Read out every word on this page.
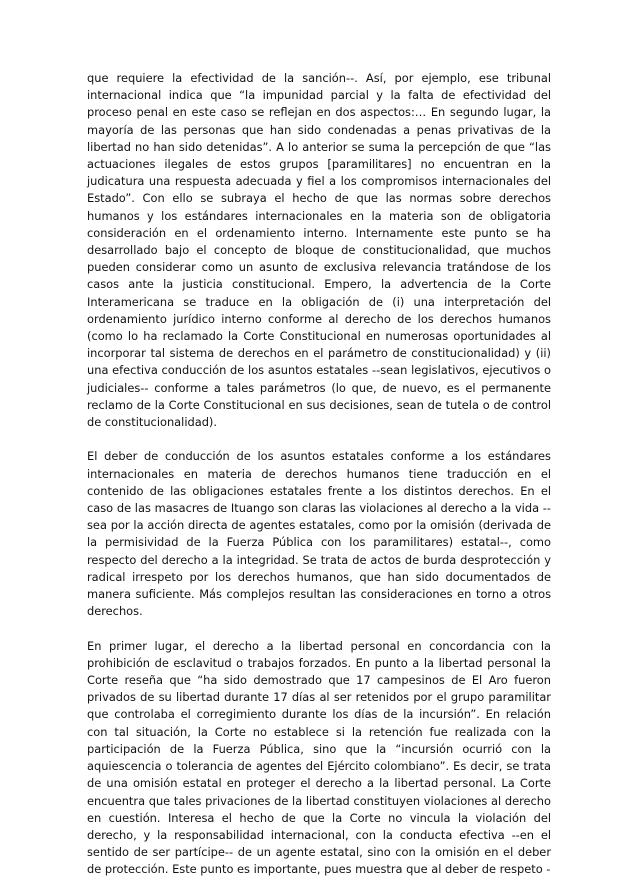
que requiere la efectividad de la sanción--. Así, por ejemplo, ese tribunal internacional indica que “la impunidad parcial y la falta de efectividad del proceso penal en este caso se reflejan en dos aspectos:… En segundo lugar, la mayoría de las personas que han sido condenadas a penas privativas de la libertad no han sido detenidas”. A lo anterior se suma la percepción de que “las actuaciones ilegales de estos grupos [paramilitares] no encuentran en la judicatura una respuesta adecuada y fiel a los compromisos internacionales del Estado”. Con ello se subraya el hecho de que las normas sobre derechos humanos y los estándares internacionales en la materia son de obligatoria consideración en el ordenamiento interno. Internamente este punto se ha desarrollado bajo el concepto de bloque de constitucionalidad, que muchos pueden considerar como un asunto de exclusiva relevancia tratándose de los casos ante la justicia constitucional. Empero, la advertencia de la Corte Interamericana se traduce en la obligación de (i) una interpretación del ordenamiento jurídico interno conforme al derecho de los derechos humanos (como lo ha reclamado la Corte Constitucional en numerosas oportunidades al incorporar tal sistema de derechos en el parámetro de constitucionalidad) y (ii) una efectiva conducción de los asuntos estatales --sean legislativos, ejecutivos o judiciales-- conforme a tales parámetros (lo que, de nuevo, es el permanente reclamo de la Corte Constitucional en sus decisiones, sean de tutela o de control de constitucionalidad).

El deber de conducción de los asuntos estatales conforme a los estándares internacionales en materia de derechos humanos tiene traducción en el contenido de las obligaciones estatales frente a los distintos derechos. En el caso de las masacres de Ituango son claras las violaciones al derecho a la vida --sea por la acción directa de agentes estatales, como por la omisión (derivada de la permisividad de la Fuerza Pública con los paramilitares) estatal--, como respecto del derecho a la integridad. Se trata de actos de burda desprotección y radical irrespeto por los derechos humanos, que han sido documentados de manera suficiente. Más complejos resultan las consideraciones en torno a otros derechos.

En primer lugar, el derecho a la libertad personal en concordancia con la prohibición de esclavitud o trabajos forzados. En punto a la libertad personal la Corte reseña que “ha sido demostrado que 17 campesinos de El Aro fueron privados de su libertad durante 17 días al ser retenidos por el grupo paramilitar que controlaba el corregimiento durante los días de la incursión”. En relación con tal situación, la Corte no establece si la retención fue realizada con la participación de la Fuerza Pública, sino que la “incursión ocurrió con la aquiescencia o tolerancia de agentes del Ejército colombiano”. Es decir, se trata de una omisión estatal en proteger el derecho a la libertad personal. La Corte encuentra que tales privaciones de la libertad constituyen violaciones al derecho en cuestión. Interesa el hecho de que la Corte no vincula la violación del derecho, y la responsabilidad internacional, con la conducta efectiva --en el sentido de ser partícipe-- de un agente estatal, sino con la omisión en el deber de protección. Este punto es importante, pues muestra que al deber de respeto -
